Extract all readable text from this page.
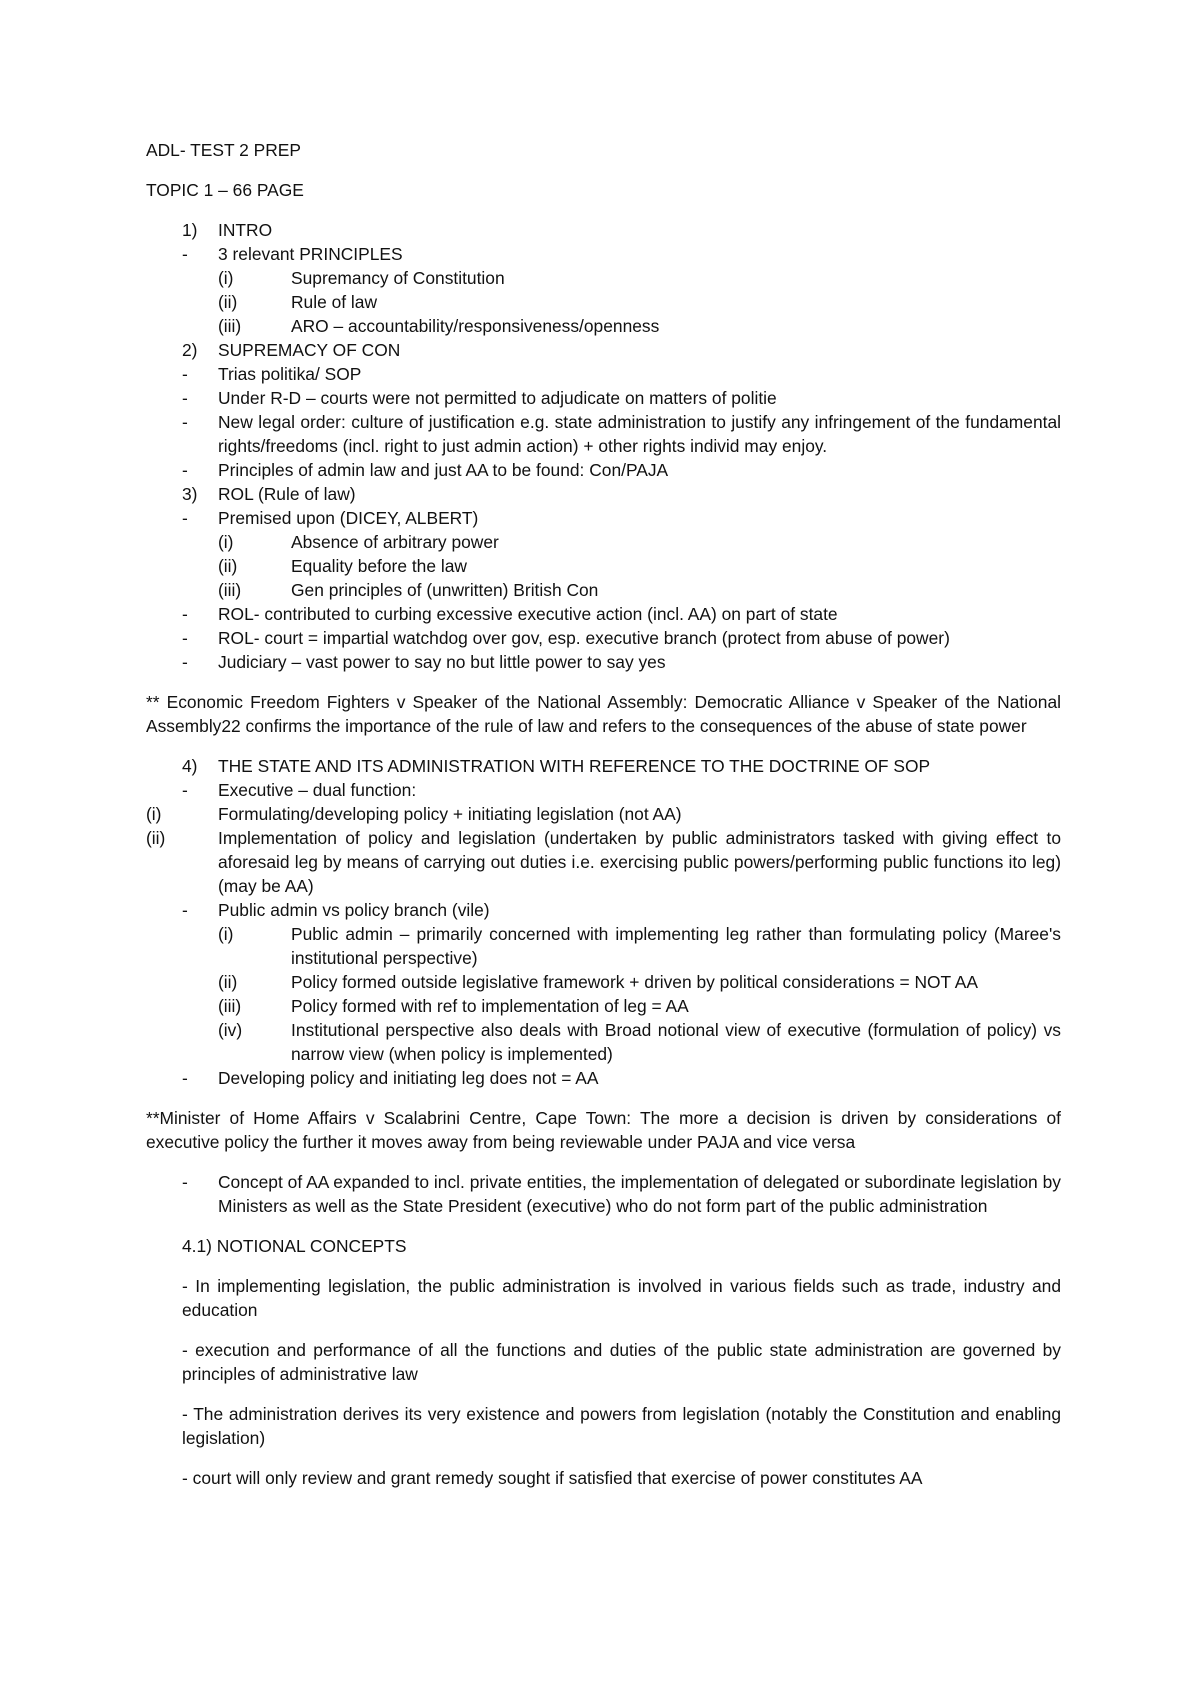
ADL- TEST 2 PREP

TOPIC 1 – 66 PAGE

1)	INTRO
-	3 relevant PRINCIPLES
(i)	Supremancy of Constitution
(ii)	Rule of law
(iii)	ARO – accountability/responsiveness/openness
2)	SUPREMACY OF CON
-	Trias politika/ SOP
-	Under R-D – courts were not permitted to adjudicate on matters of politie
-	New legal order: culture of justification e.g. state administration to justify any infringement of the fundamental rights/freedoms (incl. right to just admin action) + other rights individ may enjoy.
-	Principles of admin law and just AA to be found: Con/PAJA
3)	ROL (Rule of law)
-	Premised upon (DICEY, ALBERT)
(i)	Absence of arbitrary power
(ii)	Equality before the law
(iii)	Gen principles of (unwritten) British Con
-	ROL- contributed to curbing excessive executive action (incl. AA) on part of state
-	ROL- court = impartial watchdog over gov, esp. executive branch (protect from abuse of power)
-	Judiciary – vast power to say no but little power to say yes

** Economic Freedom Fighters v Speaker of the National Assembly: Democratic Alliance v Speaker of the National Assembly22 confirms the importance of the rule of law and refers to the consequences of the abuse of state power

4)	THE STATE AND ITS ADMINISTRATION WITH REFERENCE TO THE DOCTRINE OF SOP
-	Executive – dual function:
(i)	Formulating/developing policy + initiating legislation (not AA)
(ii)	Implementation of policy and legislation (undertaken by public administrators tasked with giving effect to aforesaid leg by means of carrying out duties i.e. exercising public powers/performing public functions ito leg) (may be AA)
-	Public admin vs policy branch (vile)
(i)	Public admin – primarily concerned with implementing leg rather than formulating policy (Maree's institutional perspective)
(ii)	Policy formed outside legislative framework + driven by political considerations = NOT AA
(iii)	Policy formed with ref to implementation of leg = AA
(iv)	Institutional perspective also deals with Broad notional view of executive (formulation of policy) vs narrow view (when policy is implemented)
-	Developing policy and initiating leg does not = AA

**Minister of Home Affairs v Scalabrini Centre, Cape Town: The more a decision is driven by considerations of executive policy the further it moves away from being reviewable under PAJA and vice versa

-	Concept of AA expanded to incl. private entities, the implementation of delegated or subordinate legislation by Ministers as well as the State President (executive) who do not form part of the public administration

4.1) NOTIONAL CONCEPTS

- In implementing legislation, the public administration is involved in various fields such as trade, industry and education

- execution and performance of all the functions and duties of the public state administration are governed by principles of administrative law

- The administration derives its very existence and powers from legislation (notably the Constitution and enabling legislation)

- court will only review and grant remedy sought if satisfied that exercise of power constitutes AA
